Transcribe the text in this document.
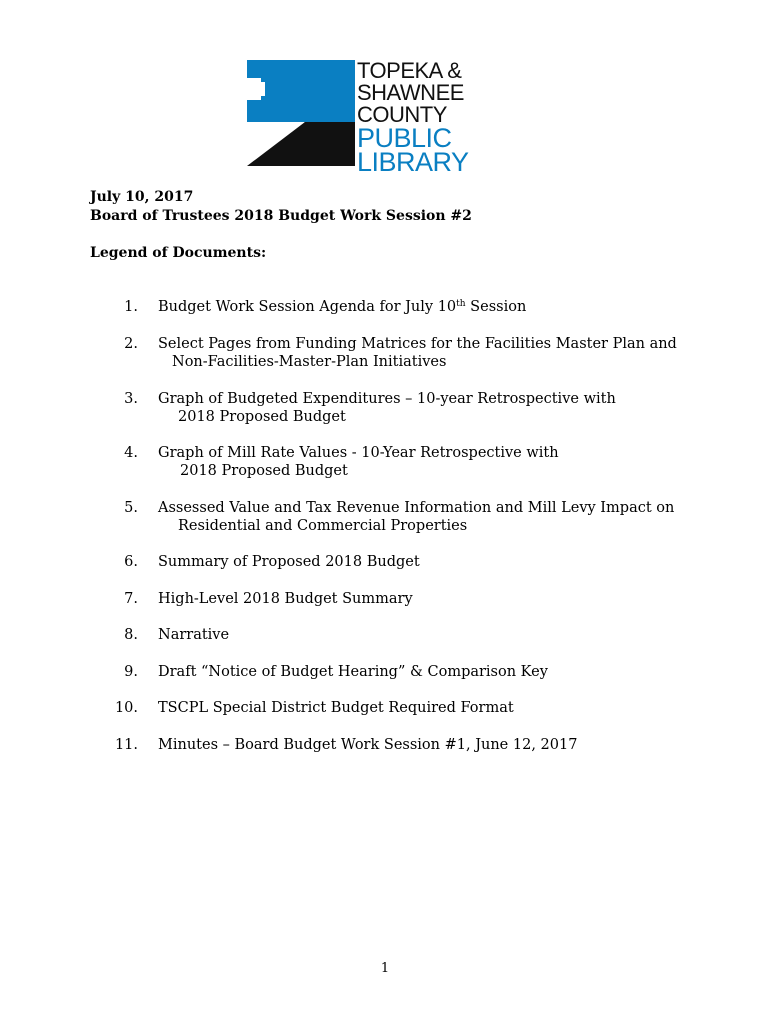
TOPEKA &
SHAWNEE
COUNTY
PUBLIC
LIBRARY
July 10, 2017
Board of Trustees 2018 Budget Work Session #2
Legend of Documents:
1. Budget Work Session Agenda for July 10th Session
2. Select Pages from Funding Matrices for the Facilities Master Plan and
Non-Facilities-Master-Plan Initiatives
3. Graph of Budgeted Expenditures – 10-year Retrospective with
2018 Proposed Budget
4. Graph of Mill Rate Values - 10-Year Retrospective with
2018 Proposed Budget
5. Assessed Value and Tax Revenue Information and Mill Levy Impact on
Residential and Commercial Properties
6. Summary of Proposed 2018 Budget
7. High-Level 2018 Budget Summary
8. Narrative
9. Draft “Notice of Budget Hearing” & Comparison Key
10. TSCPL Special District Budget Required Format
11. Minutes – Board Budget Work Session #1, June 12, 2017
1
